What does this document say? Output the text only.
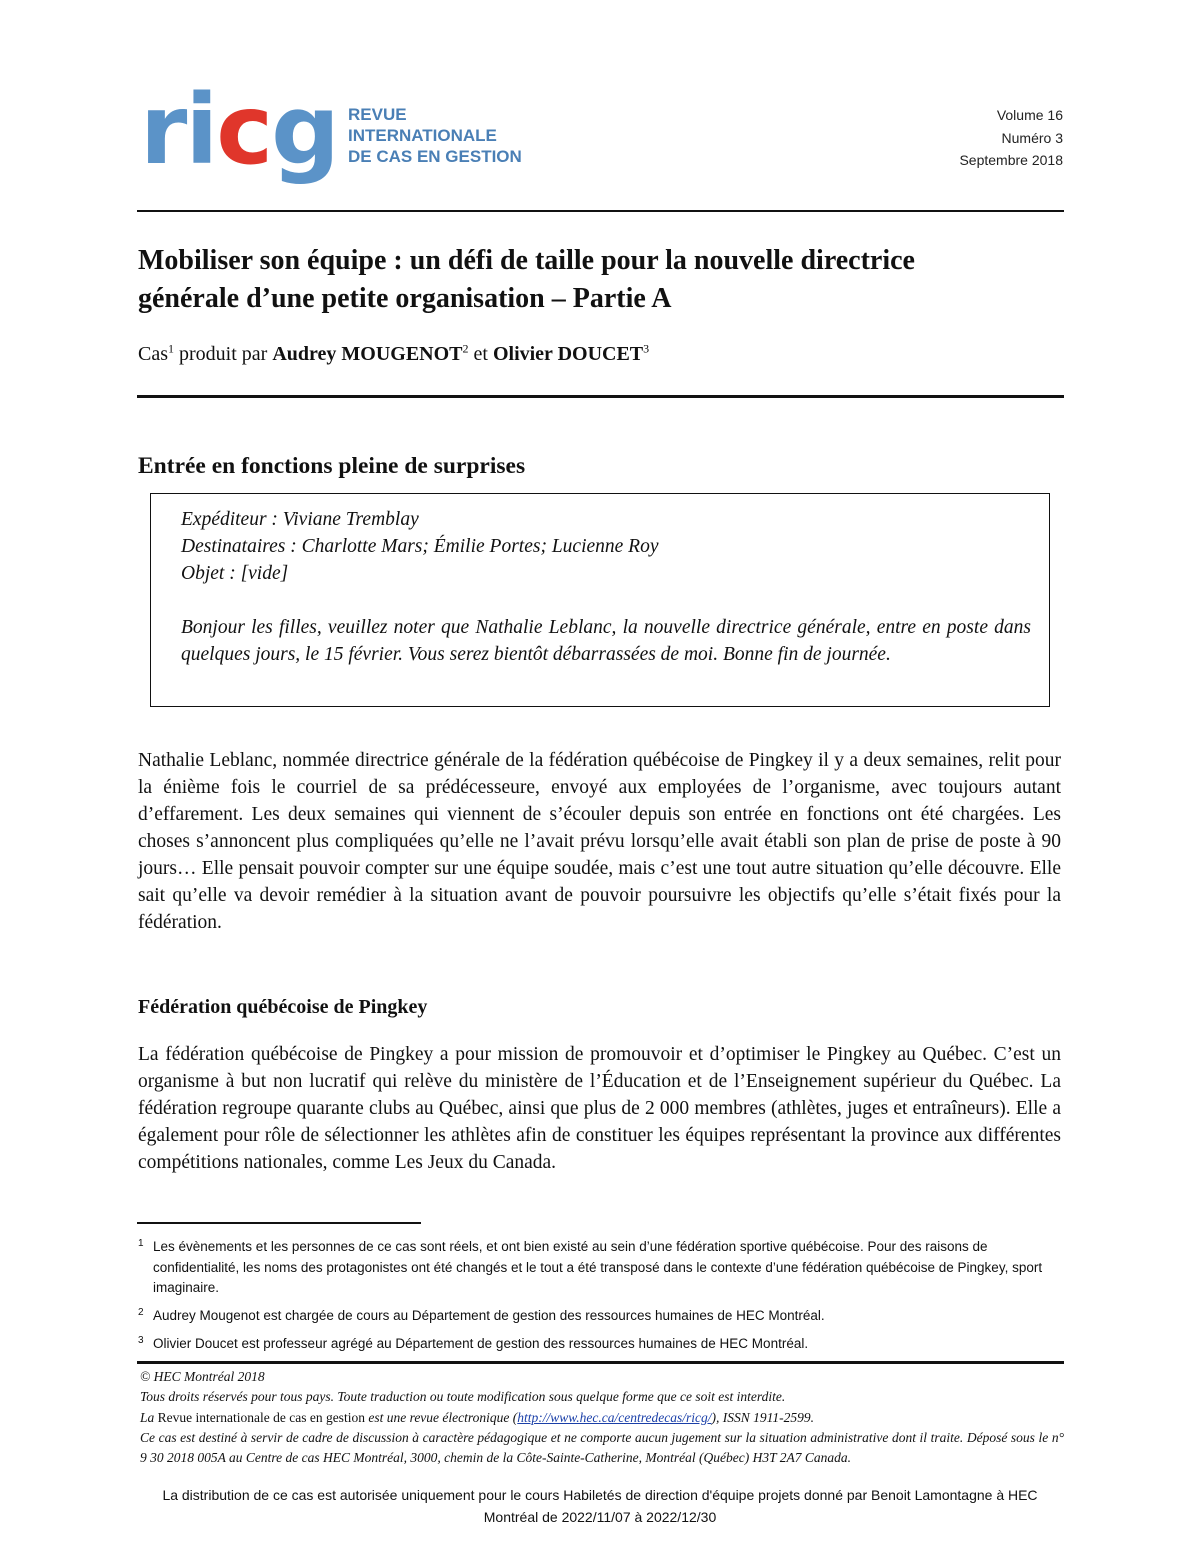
ricg REVUE
INTERNATIONALE
DE CAS EN GESTION
Volume 16
Numéro 3
Septembre 2018
Mobiliser son équipe : un défi de taille pour la nouvelle directrice
générale d’une petite organisation – Partie A
Cas$^1$ produit par Audrey MOUGENOT$^2$ et Olivier DOUCET$^3$
Entrée en fonctions pleine de surprises
Expéditeur : Viviane Tremblay
Destinataires : Charlotte Mars; Émilie Portes; Lucienne Roy
Objet : [vide]
Bonjour les filles, veuillez noter que Nathalie Leblanc, la nouvelle directrice générale, entre en poste dans quelques jours, le 15 février. Vous serez bientôt débarrassées de moi. Bonne fin de journée.
Nathalie Leblanc, nommée directrice générale de la fédération québécoise de Pingkey il y a deux semaines, relit pour la énième fois le courriel de sa prédécesseure, envoyé aux employées de l’organisme, avec toujours autant d’effarement. Les deux semaines qui viennent de s’écouler depuis son entrée en fonctions ont été chargées. Les choses s’annoncent plus compliquées qu’elle ne l’avait prévu lorsqu’elle avait établi son plan de prise de poste à 90 jours… Elle pensait pouvoir compter sur une équipe soudée, mais c’est une tout autre situation qu’elle découvre. Elle sait qu’elle va devoir remédier à la situation avant de pouvoir poursuivre les objectifs qu’elle s’était fixés pour la fédération.
Fédération québécoise de Pingkey
La fédération québécoise de Pingkey a pour mission de promouvoir et d’optimiser le Pingkey au Québec. C’est un organisme à but non lucratif qui relève du ministère de l’Éducation et de l’Enseignement supérieur du Québec. La fédération regroupe quarante clubs au Québec, ainsi que plus de 2 000 membres (athlètes, juges et entraîneurs). Elle a également pour rôle de sélectionner les athlètes afin de constituer les équipes représentant la province aux différentes compétitions nationales, comme Les Jeux du Canada.
1 Les évènements et les personnes de ce cas sont réels, et ont bien existé au sein d’une fédération sportive québécoise. Pour des raisons de confidentialité, les noms des protagonistes ont été changés et le tout a été transposé dans le contexte d’une fédération québécoise de Pingkey, sport imaginaire.
2 Audrey Mougenot est chargée de cours au Département de gestion des ressources humaines de HEC Montréal.
3 Olivier Doucet est professeur agrégé au Département de gestion des ressources humaines de HEC Montréal.
© HEC Montréal 2018
Tous droits réservés pour tous pays. Toute traduction ou toute modification sous quelque forme que ce soit est interdite.
La Revue internationale de cas en gestion est une revue électronique (http://www.hec.ca/centredecas/ricg/), ISSN 1911-2599.
Ce cas est destiné à servir de cadre de discussion à caractère pédagogique et ne comporte aucun jugement sur la situation administrative dont il traite. Déposé sous le n° 9 30 2018 005A au Centre de cas HEC Montréal, 3000, chemin de la Côte-Sainte-Catherine, Montréal (Québec) H3T 2A7 Canada.
La distribution de ce cas est autorisée uniquement pour le cours Habiletés de direction d'équipe projets donné par Benoit Lamontagne à HEC
Montréal de 2022/11/07 à 2022/12/30
